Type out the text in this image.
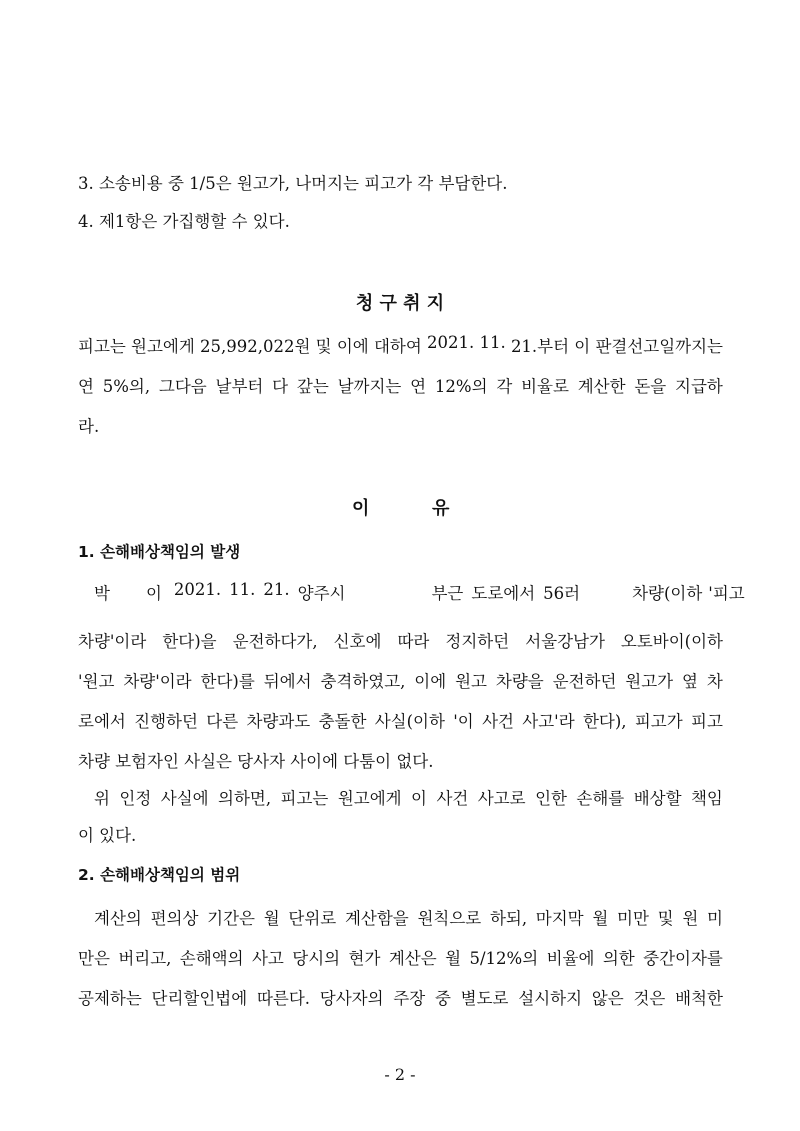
3. 소송비용 중 1/5은 원고가, 나머지는 피고가 각 부담한다.
4. 제1항은 가집행할 수 있다.
청 구 취 지
피고는 원고에게 25,992,022원 및 이에 대하여 2021. 11. 21.부터 이 판결선고일까지는
연 5%의, 그다음 날부터 다 갚는 날까지는 연 12%의 각 비율로 계산한 돈을 지급하
라.
이	유
1. 손해배상책임의 발생
박 이 2021. 11. 21. 양주시	부근 도로에서 56러	차량(이하 '피고
차량'이라 한다)을 운전하다가, 신호에 따라 정지하던 서울강남가 오토바이(이하
'원고 차량'이라 한다)를 뒤에서 충격하였고, 이에 원고 차량을 운전하던 원고가 옆 차
로에서 진행하던 다른 차량과도 충돌한 사실(이하 '이 사건 사고'라 한다), 피고가 피고
차량 보험자인 사실은 당사자 사이에 다툼이 없다.
위 인정 사실에 의하면, 피고는 원고에게 이 사건 사고로 인한 손해를 배상할 책임
이 있다.
2. 손해배상책임의 범위
계산의 편의상 기간은 월 단위로 계산함을 원칙으로 하되, 마지막 월 미만 및 원 미
만은 버리고, 손해액의 사고 당시의 현가 계산은 월 5/12%의 비율에 의한 중간이자를
공제하는 단리할인법에 따른다. 당사자의 주장 중 별도로 설시하지 않은 것은 배척한
- 2 -
